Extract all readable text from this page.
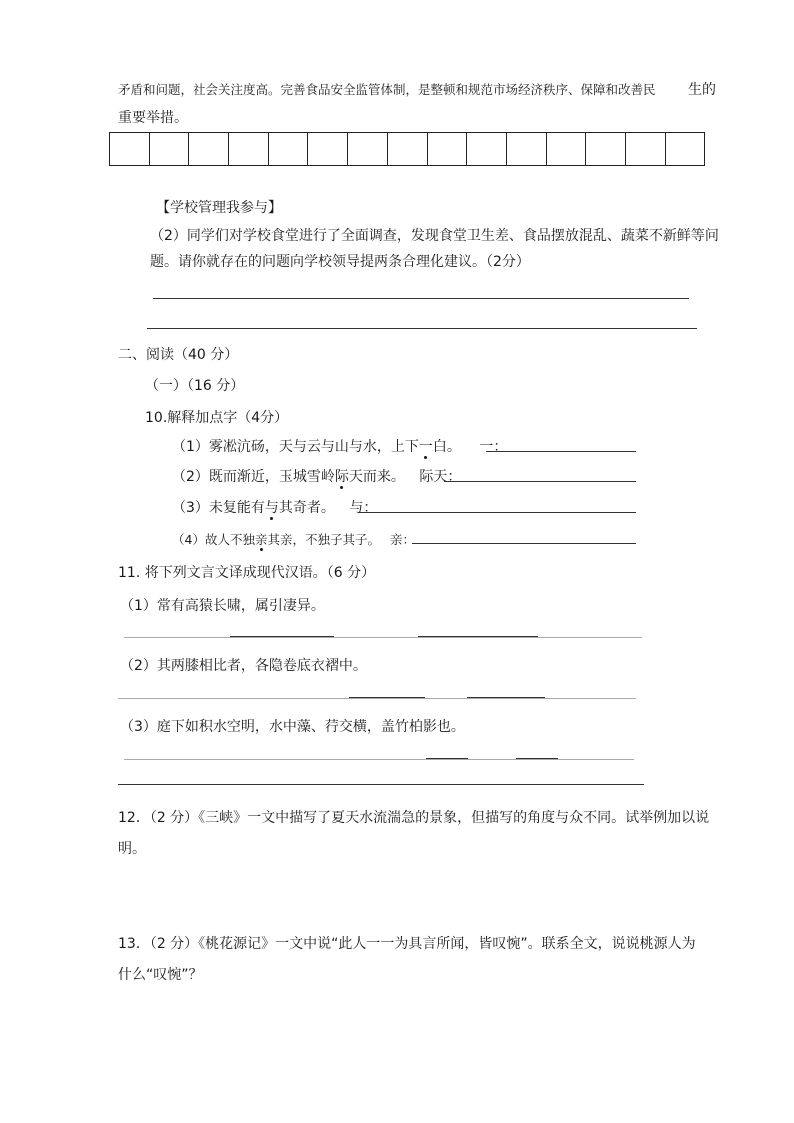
矛盾和问题，社会关注度高。完善食品安全监管体制，是整顿和规范市场经济秩序、保障和改善民 生的
重要举措。

【学校管理我参与】
（2）同学们对学校食堂进行了全面调查，发现食堂卫生差、食品摆放混乱、蔬菜不新鲜等问
题。请你就存在的问题向学校领导提两条合理化建议。（2分）
二、阅读（40 分）
（一）（16 分）
10.解释加点字（4分）
（1）雾凇沆砀，天与云与山与水，上下一白。 一：
（2）既而渐近，玉城雪岭际天而来。 际天：
（3）未复能有与其奇者。 与：
（4）故人不独亲其亲，不独子其子。 亲：
11. 将下列文言文译成现代汉语。（6 分）
（1）常有高猿长啸，属引凄异。
（2）其两膝相比者，各隐卷底衣褶中。
（3）庭下如积水空明，水中藻、荇交横，盖竹柏影也。
12．（2 分）《三峡》一文中描写了夏天水流湍急的景象，但描写的角度与众不同。试举例加以说
明。
13．（2 分）《桃花源记》一文中说“此人一一为具言所闻，皆叹惋”。联系全文，说说桃源人为
什么“叹惋”？
